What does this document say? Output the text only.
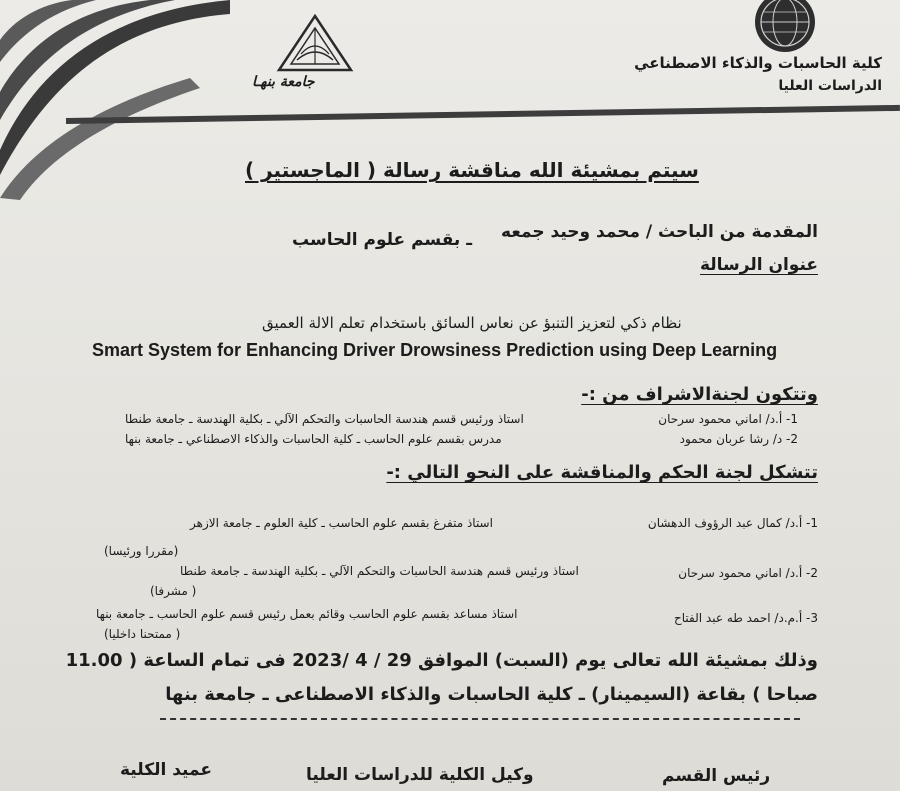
كلية الحاسبات والذكاء الاصطناعي
الدراسات العليا
جامعة بنهـا
سيتم بمشيئة الله مناقشة رسالة ( الماجستير )
المقدمة من الباحث / محمد وحيد جمعه
ـ بقسم علوم الحاسب
عنوان الرسالة
نظام ذكي لتعزيز التنبؤ عن نعاس السائق باستخدام تعلم الالة العميق
Smart System for Enhancing Driver Drowsiness Prediction using Deep Learning
وتتكون لجنةالاشراف من :-
1- أ.د/ اماني محمود سرحان
استاذ ورئيس قسم هندسة الحاسبات والتحكم الآلي ـ بكلية الهندسة ـ جامعة طنطا
2- د/ رشا عربان محمود
مدرس بقسم علوم الحاسب ـ كلية الحاسبات والذكاء الاصطناعي ـ جامعة بنها
تتشكل لجنة الحكم والمناقشة على النحو التالي :-
1- أ.د/ كمال عبد الرؤوف الدهشان
استاذ متفرغ بقسم علوم الحاسب ـ كلية العلوم ـ جامعة الازهر
(مقررا ورئيسا)
2- أ.د/ اماني محمود سرحان
استاذ ورئيس قسم هندسة الحاسبات والتحكم الآلي ـ بكلية الهندسة ـ جامعة طنطا
( مشرفا)
3- أ.م.د/ احمد طه عبد الفتاح
استاذ مساعد بقسم علوم الحاسب وقائم بعمل رئيس قسم علوم الحاسب ـ جامعة بنها
( ممتحنا داخليا)
وذلك بمشيئة الله تعالى يوم (السبت) الموافق 29 / 4 /2023 فى تمام الساعة ( 11.00
صباحا ) بقاعة (السيمينار) ـ كلية الحاسبات والذكاء الاصطناعى ـ جامعة بنها
رئيس القسم
وكيل الكلية للدراسات العليا
عميد الكلية
